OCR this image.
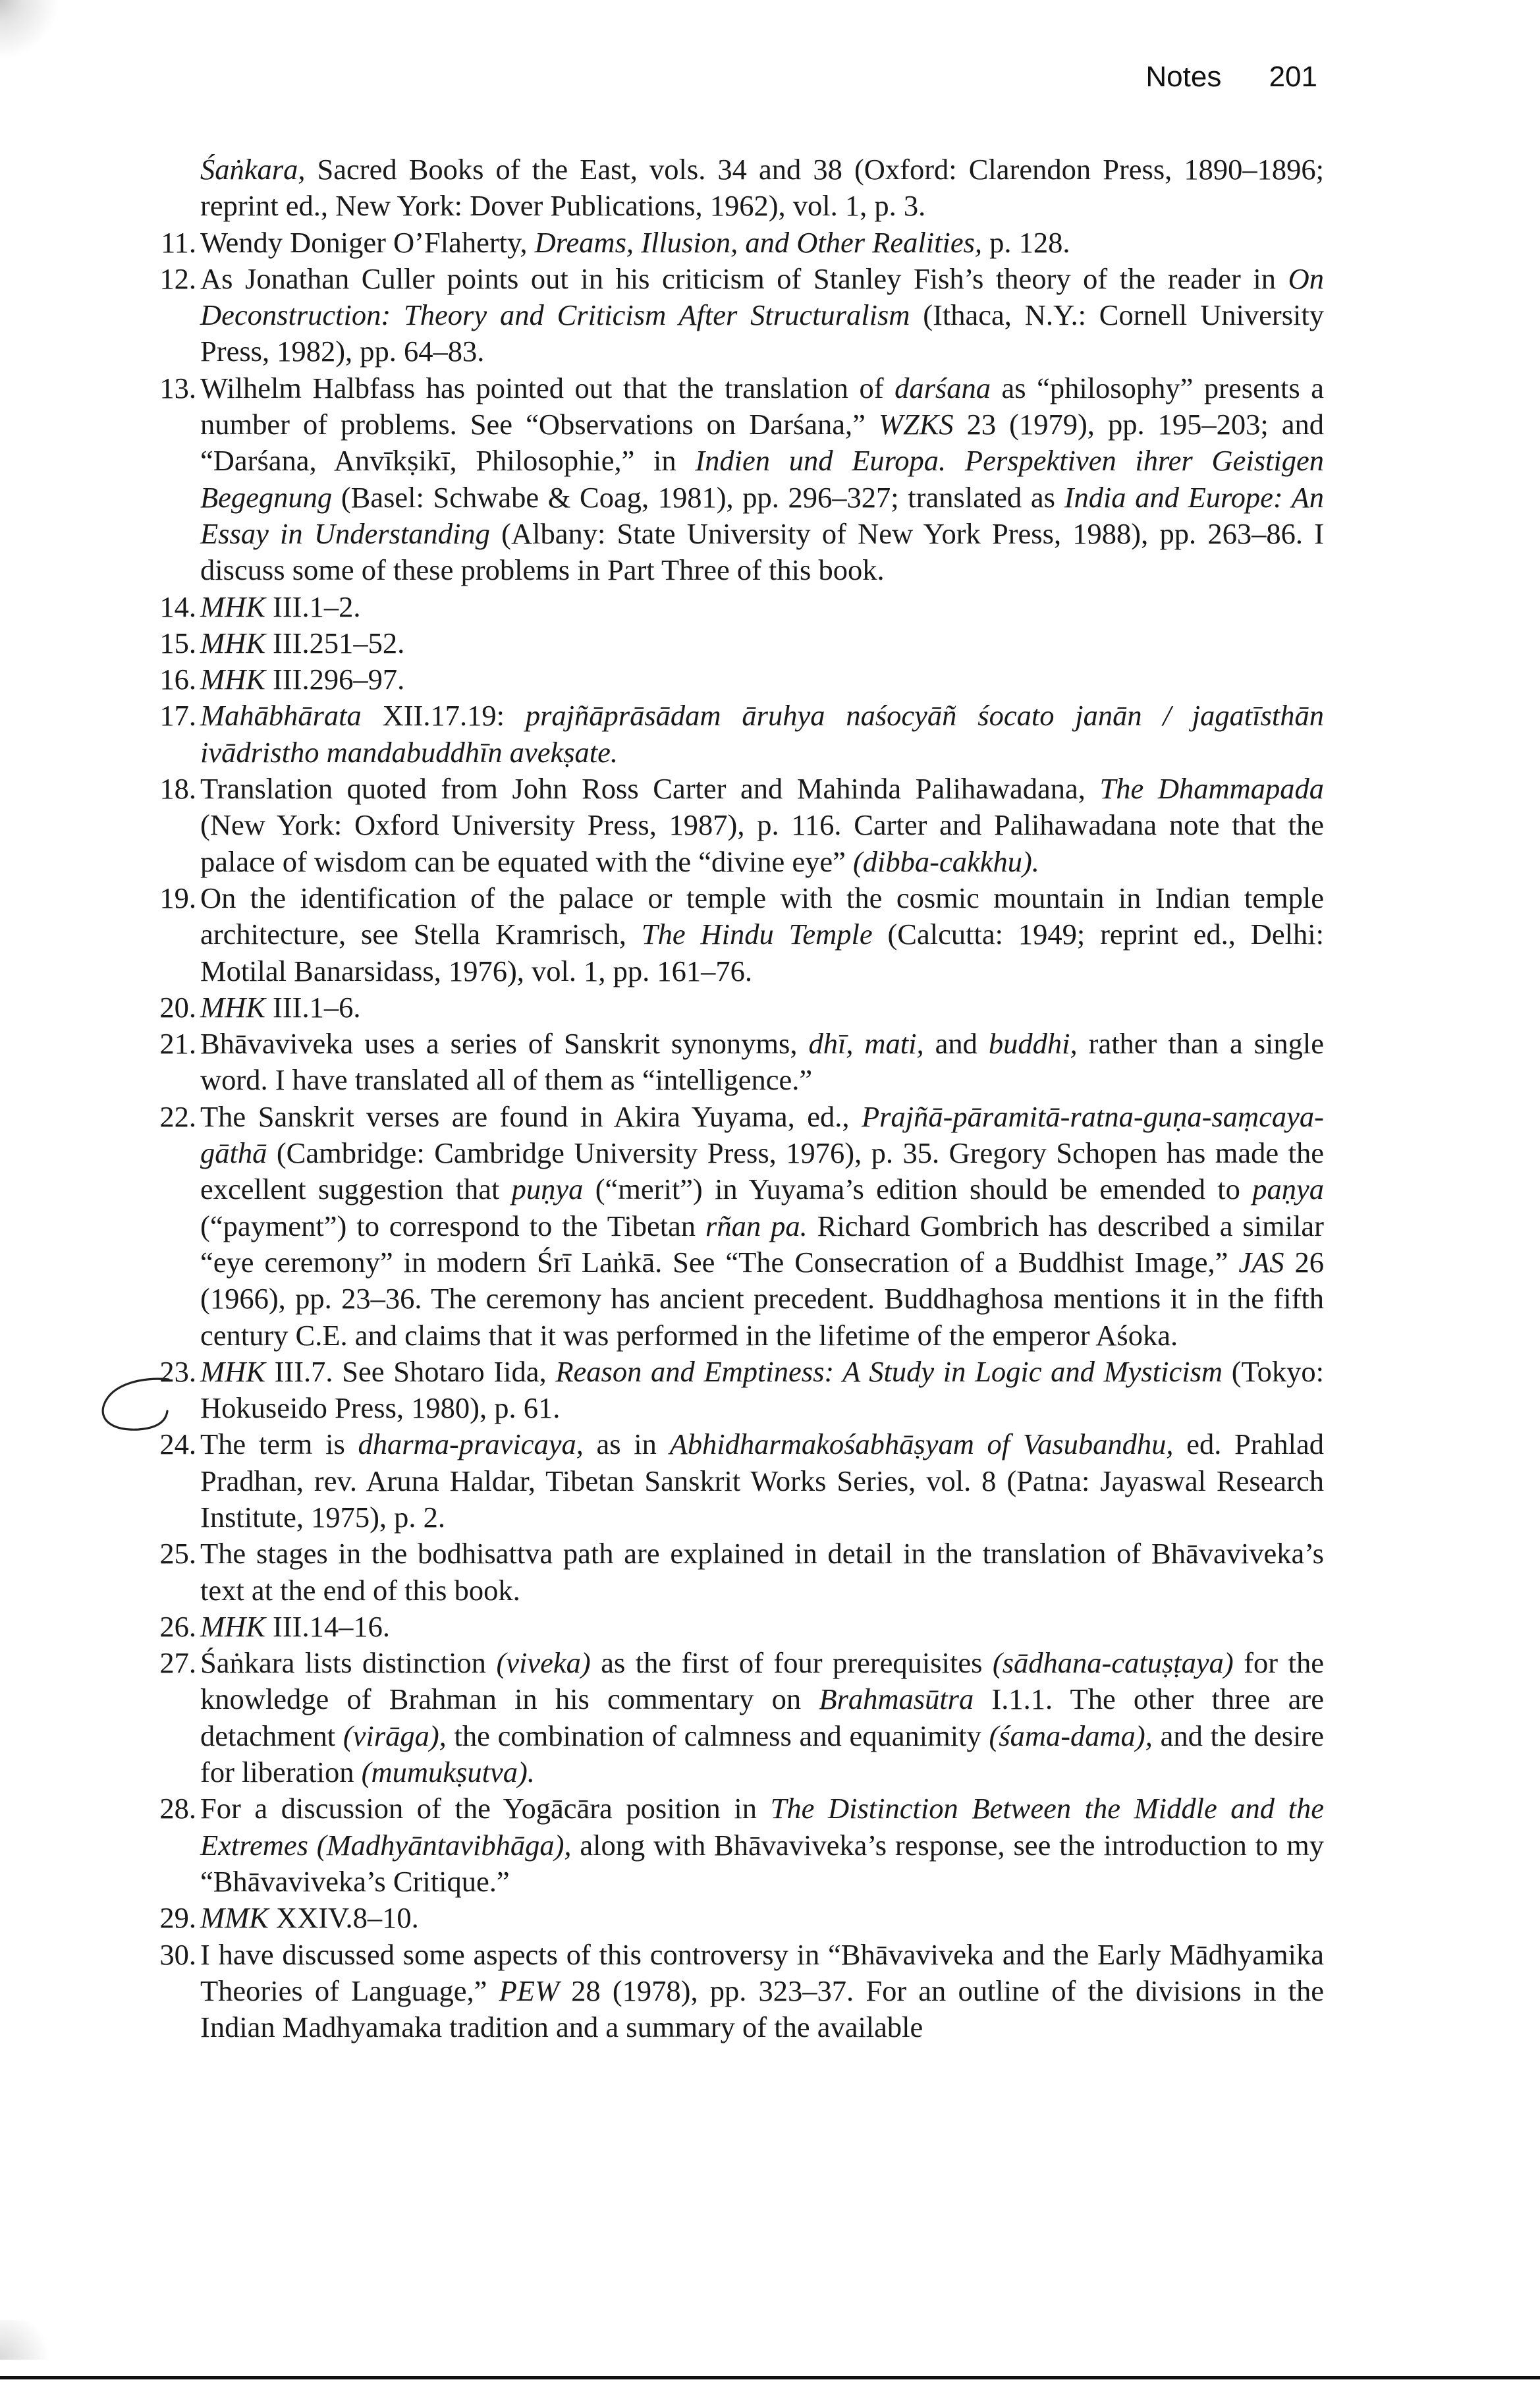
Notes 201
Śaṅkara, Sacred Books of the East, vols. 34 and 38 (Oxford: Clarendon Press, 1890–1896; reprint ed., New York: Dover Publications, 1962), vol. 1, p. 3.
11. Wendy Doniger O’Flaherty, Dreams, Illusion, and Other Realities, p. 128.
12. As Jonathan Culler points out in his criticism of Stanley Fish’s theory of the reader in On Deconstruction: Theory and Criticism After Structuralism (Ithaca, N.Y.: Cornell University Press, 1982), pp. 64–83.
13. Wilhelm Halbfass has pointed out that the translation of darśana as “philosophy” presents a number of problems. See “Observations on Darśana,” WZKS 23 (1979), pp. 195–203; and “Darśana, Anvīkṣikī, Philosophie,” in Indien und Europa. Perspektiven ihrer Geistigen Begegnung (Basel: Schwabe & Coag, 1981), pp. 296–327; translated as India and Europe: An Essay in Understanding (Albany: State University of New York Press, 1988), pp. 263–86. I discuss some of these problems in Part Three of this book.
14. MHK III.1–2.
15. MHK III.251–52.
16. MHK III.296–97.
17. Mahābhārata XII.17.19: prajñāprāsādam āruhya naśocyāñ śocato janān / jagatīsthān ivādristho mandabuddhīn avekṣate.
18. Translation quoted from John Ross Carter and Mahinda Palihawadana, The Dhammapada (New York: Oxford University Press, 1987), p. 116. Carter and Palihawadana note that the palace of wisdom can be equated with the “divine eye” (dibba-cakkhu).
19. On the identification of the palace or temple with the cosmic mountain in Indian temple architecture, see Stella Kramrisch, The Hindu Temple (Calcutta: 1949; reprint ed., Delhi: Motilal Banarsidass, 1976), vol. 1, pp. 161–76.
20. MHK III.1–6.
21. Bhāvaviveka uses a series of Sanskrit synonyms, dhī, mati, and buddhi, rather than a single word. I have translated all of them as “intelligence.”
22. The Sanskrit verses are found in Akira Yuyama, ed., Prajñā-pāramitā-ratna-guṇa-saṃcaya-gāthā (Cambridge: Cambridge University Press, 1976), p. 35. Gregory Schopen has made the excellent suggestion that puṇya (“merit”) in Yuyama’s edition should be emended to paṇya (“payment”) to correspond to the Tibetan rñan pa. Richard Gombrich has described a similar “eye ceremony” in modern Śrī Laṅkā. See “The Consecration of a Buddhist Image,” JAS 26 (1966), pp. 23–36. The ceremony has ancient precedent. Buddhaghosa mentions it in the fifth century C.E. and claims that it was performed in the lifetime of the emperor Aśoka.
23. MHK III.7. See Shotaro Iida, Reason and Emptiness: A Study in Logic and Mysticism (Tokyo: Hokuseido Press, 1980), p. 61.
24. The term is dharma-pravicaya, as in Abhidharmakośabhāṣyam of Vasubandhu, ed. Prahlad Pradhan, rev. Aruna Haldar, Tibetan Sanskrit Works Series, vol. 8 (Patna: Jayaswal Research Institute, 1975), p. 2.
25. The stages in the bodhisattva path are explained in detail in the translation of Bhāvaviveka’s text at the end of this book.
26. MHK III.14–16.
27. Śaṅkara lists distinction (viveka) as the first of four prerequisites (sādhana-catuṣṭaya) for the knowledge of Brahman in his commentary on Brahmasūtra I.1.1. The other three are detachment (virāga), the combination of calmness and equanimity (śama-dama), and the desire for liberation (mumukṣutva).
28. For a discussion of the Yogācāra position in The Distinction Between the Middle and the Extremes (Madhyāntavibhāga), along with Bhāvaviveka’s response, see the introduction to my “Bhāvaviveka’s Critique.”
29. MMK XXIV.8–10.
30. I have discussed some aspects of this controversy in “Bhāvaviveka and the Early Mādhyamika Theories of Language,” PEW 28 (1978), pp. 323–37. For an outline of the divisions in the Indian Madhyamaka tradition and a summary of the available
